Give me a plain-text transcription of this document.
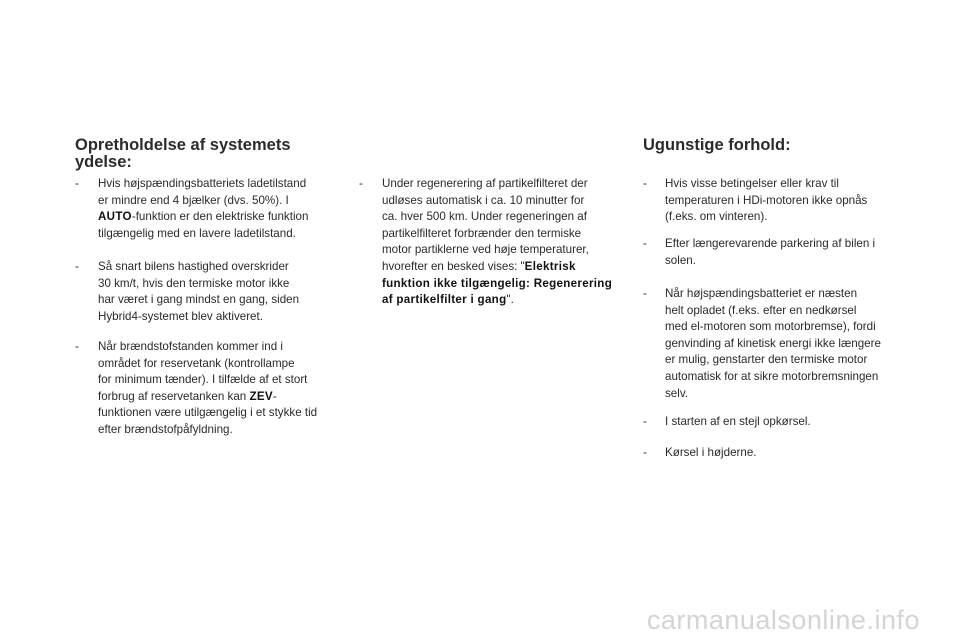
Opretholdelse af systemets
ydelse:
-	Hvis højspændingsbatteriets ladetilstand
er mindre end 4 bjælker (dvs. 50%). I
AUTO-funktion er den elektriske funktion
tilgængelig med en lavere ladetilstand.
-	Så snart bilens hastighed overskrider
30 km/t, hvis den termiske motor ikke
har været i gang mindst en gang, siden
Hybrid4-systemet blev aktiveret.
-	Når brændstofstanden kommer ind i
området for reservetank (kontrollampe
for minimum tænder). I tilfælde af et stort
forbrug af reservetanken kan ZEV-
funktionen være utilgængelig i et stykke tid
efter brændstofpåfyldning.
-	Under regenerering af partikelfilteret der
udløses automatisk i ca. 10 minutter for
ca. hver 500 km. Under regeneringen af
partikelfilteret forbrænder den termiske
motor partiklerne ved høje temperaturer,
hvorefter en besked vises: "Elektrisk
funktion ikke tilgængelig: Regenerering
af partikelfilter i gang".
Ugunstige forhold:
-	Hvis visse betingelser eller krav til
temperaturen i HDi-motoren ikke opnås
(f.eks. om vinteren).
-	Efter længerevarende parkering af bilen i
solen.
-	Når højspændingsbatteriet er næsten
helt opladet (f.eks. efter en nedkørsel
med el-motoren som motorbremse), fordi
genvinding af kinetisk energi ikke længere
er mulig, genstarter den termiske motor
automatisk for at sikre motorbremsningen
selv.
-	I starten af en stejl opkørsel.
-	Kørsel i højderne.
carmanualsonline.info
